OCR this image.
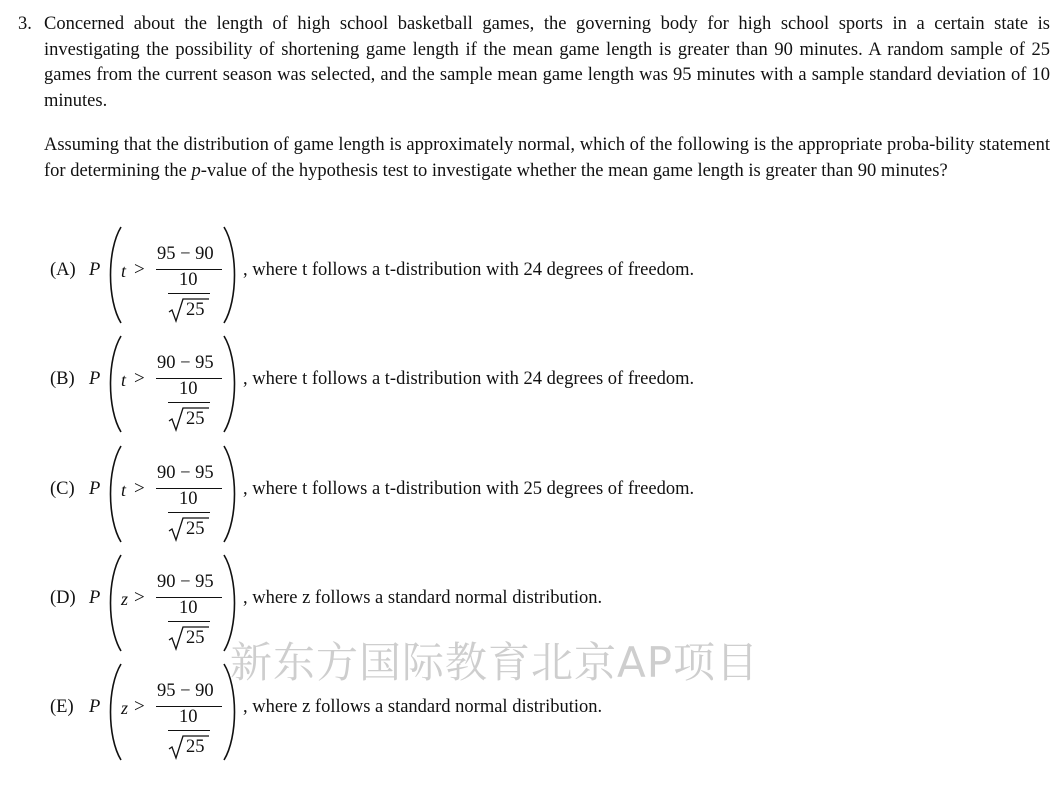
3. Concerned about the length of high school basketball games, the governing body for high school sports in a certain state is investigating the possibility of shortening game length if the mean game length is greater than 90 minutes. A random sample of 25 games from the current season was selected, and the sample mean game length was 95 minutes with a sample standard deviation of 10 minutes.

Assuming that the distribution of game length is approximately normal, which of the following is the appropriate proba-bility statement for determining the p-value of the hypothesis test to investigate whether the mean game length is greater than 90 minutes?

(A) P t >
95 − 90
10
25
, where t follows a t-distribution with 24 degrees of freedom.
(B) P t >
90 − 95
10
25
, where t follows a t-distribution with 24 degrees of freedom.
(C) P t >
90 − 95
10
25
, where t follows a t-distribution with 25 degrees of freedom.
(D) P z >
90 − 95
10
25
, where z follows a standard normal distribution.
(E) P z >
95 − 90
10
25
, where z follows a standard normal distribution.
新东方国际教育北京AP项目
